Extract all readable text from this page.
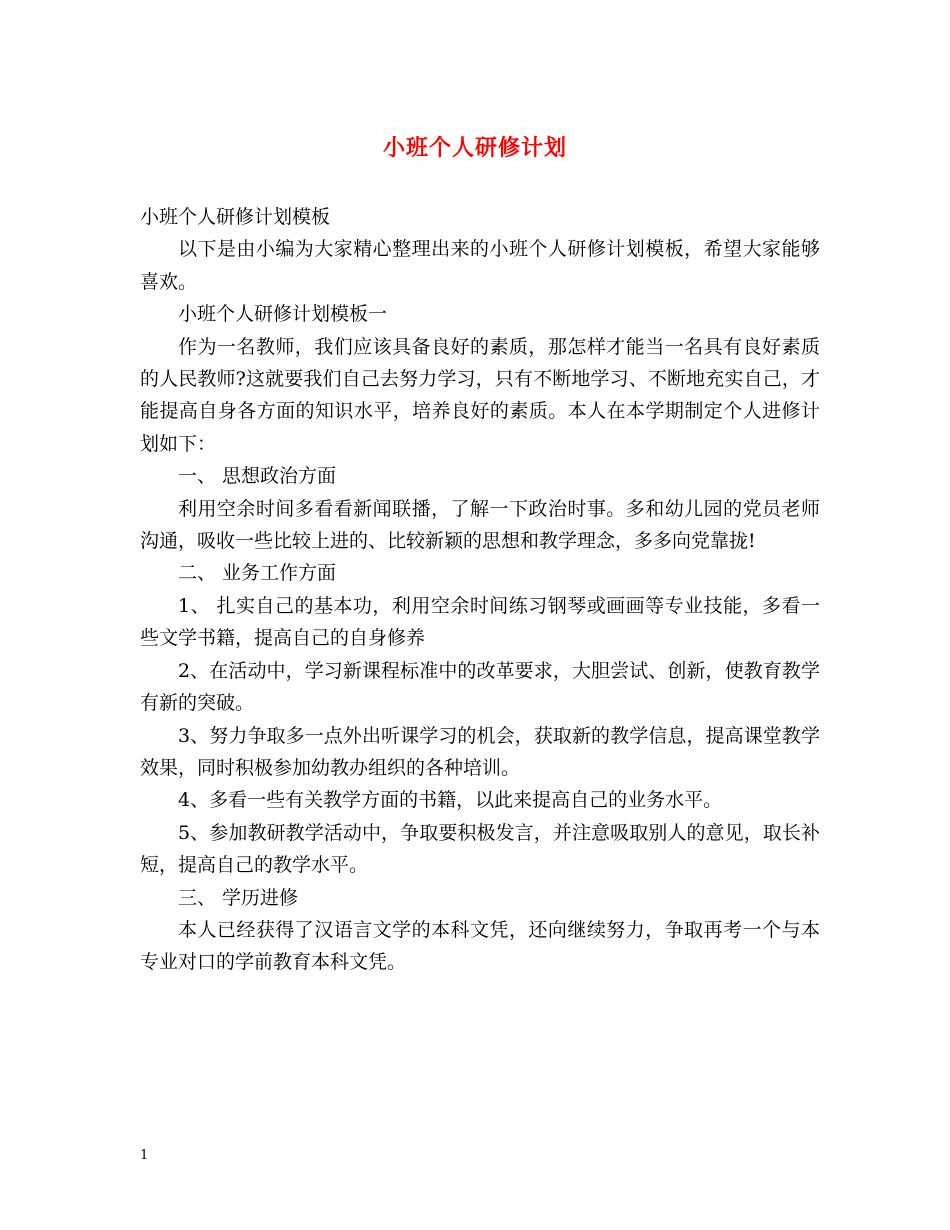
小班个人研修计划

小班个人研修计划模板

以下是由小编为大家精心整理出来的小班个人研修计划模板，希望大家能够喜欢。

小班个人研修计划模板一

作为一名教师，我们应该具备良好的素质，那怎样才能当一名具有良好素质的人民教师?这就要我们自己去努力学习，只有不断地学习、不断地充实自己，才能提高自身各方面的知识水平，培养良好的素质。本人在本学期制定个人进修计划如下：

一、 思想政治方面

利用空余时间多看看新闻联播，了解一下政治时事。多和幼儿园的党员老师沟通，吸收一些比较上进的、比较新颖的思想和教学理念，多多向党靠拢!

二、 业务工作方面

1、 扎实自己的基本功，利用空余时间练习钢琴或画画等专业技能，多看一些文学书籍，提高自己的自身修养

2、在活动中，学习新课程标准中的改革要求，大胆尝试、创新，使教育教学有新的突破。

3、努力争取多一点外出听课学习的机会，获取新的教学信息，提高课堂教学效果，同时积极参加幼教办组织的各种培训。

4、多看一些有关教学方面的书籍，以此来提高自己的业务水平。

5、参加教研教学活动中，争取要积极发言，并注意吸取别人的意见，取长补短，提高自己的教学水平。

三、 学历进修

本人已经获得了汉语言文学的本科文凭，还向继续努力，争取再考一个与本专业对口的学前教育本科文凭。

1
